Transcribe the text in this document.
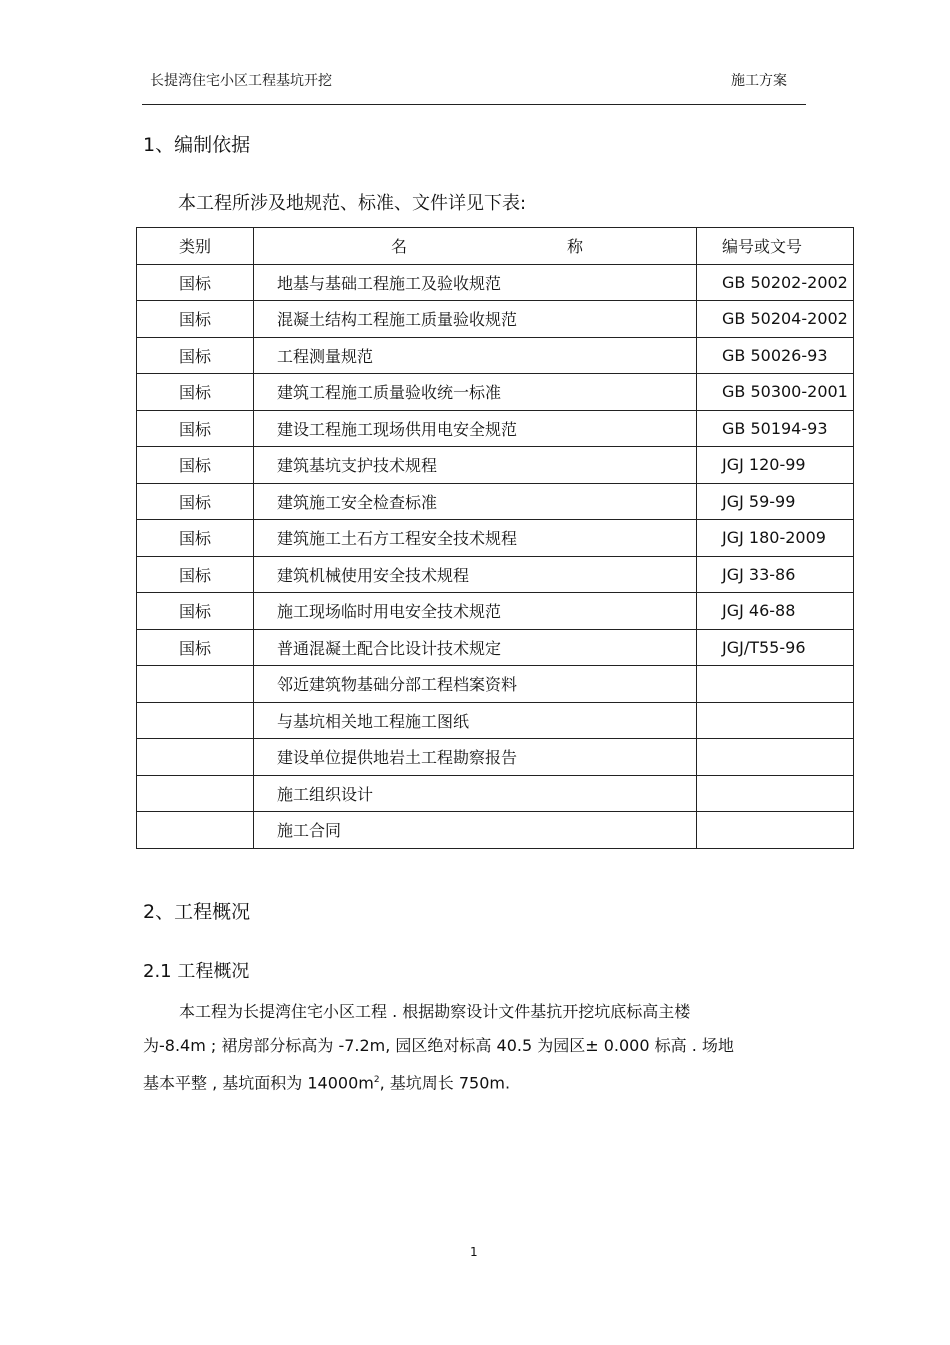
长提湾住宅小区工程基坑开挖	施工方案
1、编制依据
本工程所涉及地规范、标准、文件详见下表:
类别	名 称	编号或文号
国标	地基与基础工程施工及验收规范	GB 50202-2002
国标	混凝土结构工程施工质量验收规范	GB 50204-2002
国标	工程测量规范	GB 50026-93
国标	建筑工程施工质量验收统一标准	GB 50300-2001
国标	建设工程施工现场供用电安全规范	GB 50194-93
国标	建筑基坑支护技术规程	JGJ 120-99
国标	建筑施工安全检查标准	JGJ 59-99
国标	建筑施工土石方工程安全技术规程	JGJ 180-2009
国标	建筑机械使用安全技术规程	JGJ 33-86
国标	施工现场临时用电安全技术规范	JGJ 46-88
国标	普通混凝土配合比设计技术规定	JGJ/T55-96
	邻近建筑物基础分部工程档案资料	
	与基坑相关地工程施工图纸	
	建设单位提供地岩土工程勘察报告	
	施工组织设计	
	施工合同	
2、工程概况
2.1 工程概况
本工程为长提湾住宅小区工程 . 根据勘察设计文件基抗开挖坑底标高主楼
为-8.4m ; 裙房部分标高为 -7.2m, 园区绝对标高 40.5 为园区± 0.000 标高 . 场地
基本平整 , 基坑面积为 $14000m^2$, 基坑周长 750m.
1
